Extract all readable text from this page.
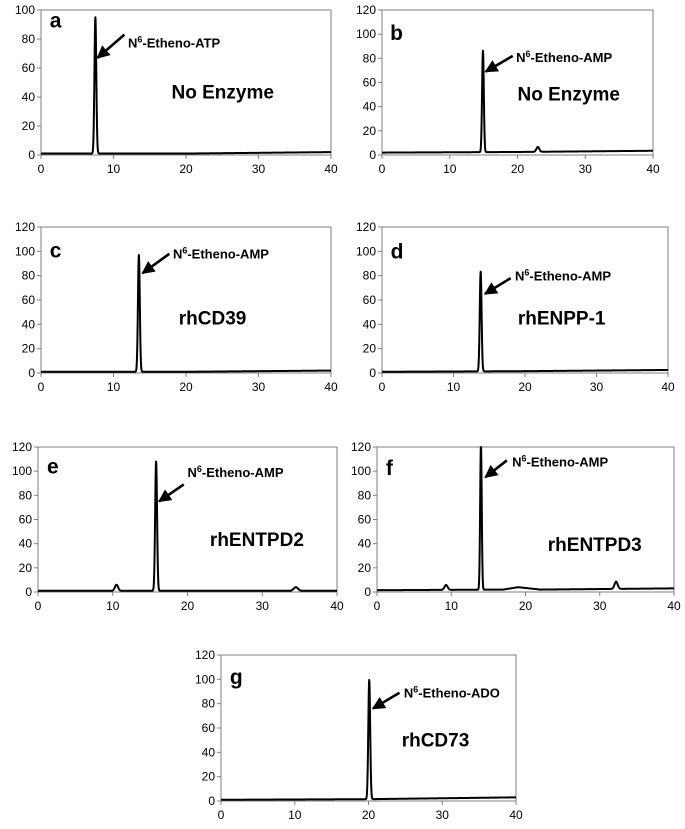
0
20
40
60
80
100
0	10	20	30	40
a
$N^6-Etheno$-ATP
No Enzyme
0
20
40
60
80
100
120
0	10	20	30	40
b
$N^6-Etheno$-AMP
No Enzyme
0
20
40
60
80
100
120
0	10	20	30	40
c	$N^6-Etheno$-AMP
rhCD39
0
20
40
60
80
100
120
0	10	20	30	40
d
$N^6-Etheno$-AMP
rhENPP-1
0
20
40
60
80
100
120
0	10	20	30	40
e	$N^6-Etheno$-AMP
rhENTPD2
0
20
40
60
80
100
120
0	10	20	30	40
f	$N^6-Etheno$-AMP
rhENTPD3
0
20
40
60
80
100
120
0	10	20	30	40
g
$N^6-Etheno$-ADO
rhCD73
